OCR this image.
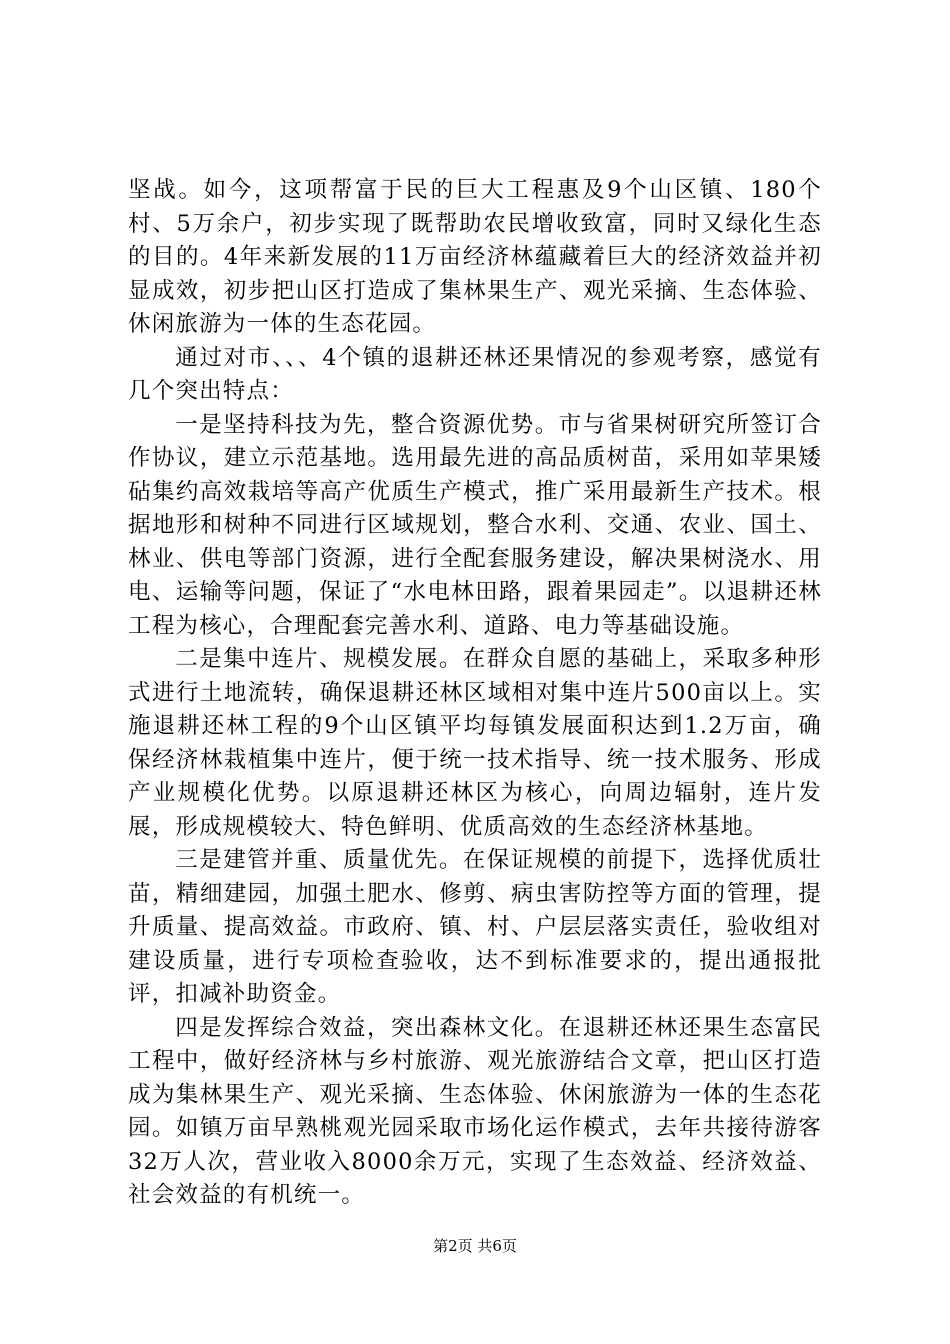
坚战。如今，这项帮富于民的巨大工程惠及9个山区镇、180个村、5万余户，初步实现了既帮助农民增收致富，同时又绿化生态的目的。4年来新发展的11万亩经济林蕴藏着巨大的经济效益并初显成效，初步把山区打造成了集林果生产、观光采摘、生态体验、休闲旅游为一体的生态花园。

通过对市、、、4个镇的退耕还林还果情况的参观考察，感觉有几个突出特点：

一是坚持科技为先，整合资源优势。市与省果树研究所签订合作协议，建立示范基地。选用最先进的高品质树苗，采用如苹果矮砧集约高效栽培等高产优质生产模式，推广采用最新生产技术。根据地形和树种不同进行区域规划，整合水利、交通、农业、国土、林业、供电等部门资源，进行全配套服务建设，解决果树浇水、用电、运输等问题，保证了“水电林田路，跟着果园走”。以退耕还林工程为核心，合理配套完善水利、道路、电力等基础设施。

二是集中连片、规模发展。在群众自愿的基础上，采取多种形式进行土地流转，确保退耕还林区域相对集中连片500亩以上。实施退耕还林工程的9个山区镇平均每镇发展面积达到1.2万亩，确保经济林栽植集中连片，便于统一技术指导、统一技术服务、形成产业规模化优势。以原退耕还林区为核心，向周边辐射，连片发展，形成规模较大、特色鲜明、优质高效的生态经济林基地。

三是建管并重、质量优先。在保证规模的前提下，选择优质壮苗，精细建园，加强土肥水、修剪、病虫害防控等方面的管理，提升质量、提高效益。市政府、镇、村、户层层落实责任，验收组对建设质量，进行专项检查验收，达不到标准要求的，提出通报批评，扣减补助资金。

四是发挥综合效益，突出森林文化。在退耕还林还果生态富民工程中，做好经济林与乡村旅游、观光旅游结合文章，把山区打造成为集林果生产、观光采摘、生态体验、休闲旅游为一体的生态花园。如镇万亩早熟桃观光园采取市场化运作模式，去年共接待游客32万人次，营业收入8000余万元，实现了生态效益、经济效益、社会效益的有机统一。

第2页 共6页
